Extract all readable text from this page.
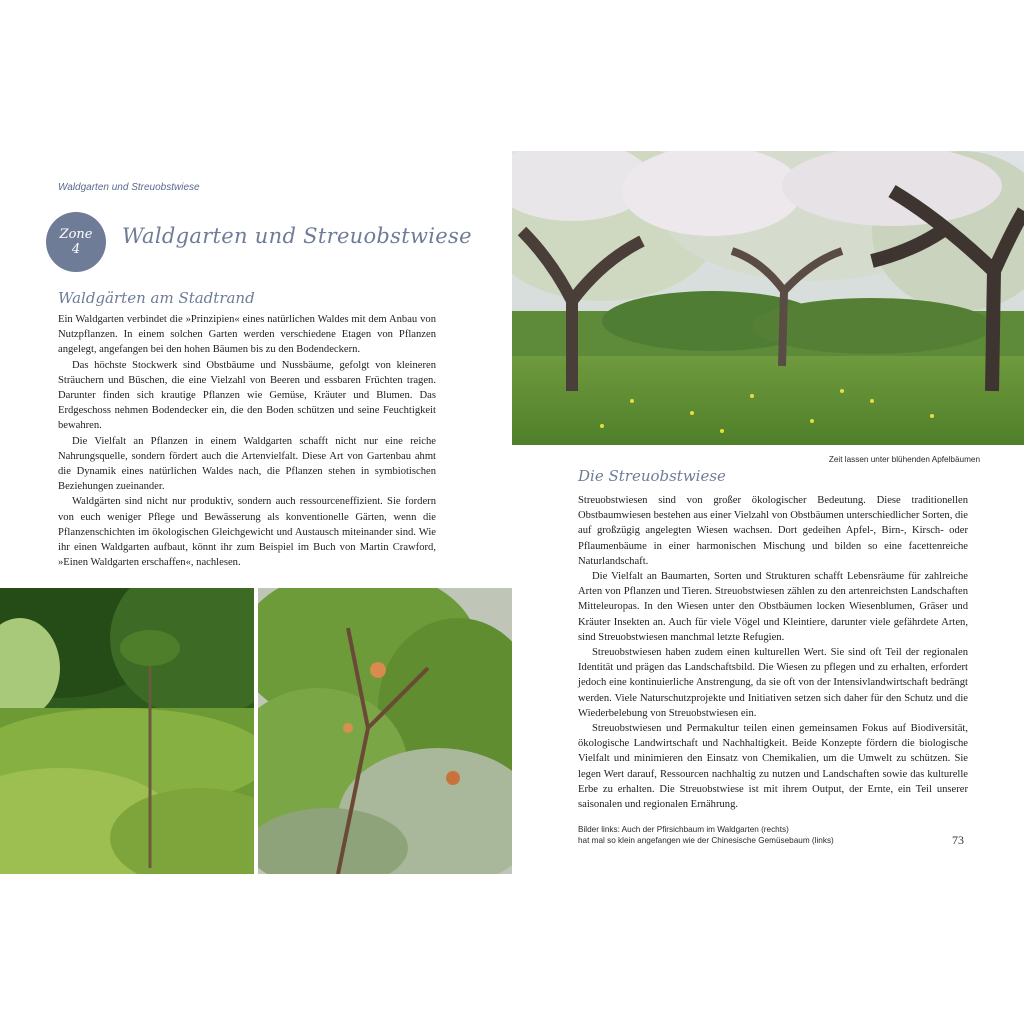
Waldgarten und Streuobstwiese
Zone
4
Waldgarten und Streuobstwiese
Waldgärten am Stadtrand

Ein Waldgarten verbindet die »Prinzipien« eines natürlichen Waldes mit dem Anbau von Nutzpflanzen. In einem solchen Garten werden verschiedene Etagen von Pflanzen angelegt, angefangen bei den hohen Bäumen bis zu den Bodendeckern.

Das höchste Stockwerk sind Obstbäume und Nussbäume, gefolgt von kleineren Sträuchern und Büschen, die eine Vielzahl von Beeren und essbaren Früchten tragen. Darunter finden sich krautige Pflanzen wie Gemüse, Kräuter und Blumen. Das Erdgeschoss nehmen Bodendecker ein, die den Boden schützen und seine Feuchtigkeit bewahren.

Die Vielfalt an Pflanzen in einem Waldgarten schafft nicht nur eine reiche Nahrungsquelle, sondern fördert auch die Artenvielfalt. Diese Art von Gartenbau ahmt die Dynamik eines natürlichen Waldes nach, die Pflanzen stehen in symbiotischen Beziehungen zueinander.

Waldgärten sind nicht nur produktiv, sondern auch ressourceneffizient. Sie fordern von euch weniger Pflege und Bewässerung als konventionelle Gärten, wenn die Pflanzenschichten im ökologischen Gleichgewicht und Austausch miteinander sind. Wie ihr einen Waldgarten aufbaut, könnt ihr zum Beispiel im Buch von Martin Crawford, »Einen Waldgarten erschaffen«, nachlesen.

Zeit lassen unter blühenden Apfelbäumen
Die Streuobstwiese

Streuobstwiesen sind von großer ökologischer Bedeutung. Diese traditionellen Obstbaumwiesen bestehen aus einer Vielzahl von Obstbäumen unterschiedlicher Sorten, die auf großzügig angelegten Wiesen wachsen. Dort gedeihen Apfel-, Birn-, Kirsch- oder Pflaumenbäume in einer harmonischen Mischung und bilden so eine facettenreiche Naturlandschaft.

Die Vielfalt an Baumarten, Sorten und Strukturen schafft Lebensräume für zahlreiche Arten von Pflanzen und Tieren. Streuobstwiesen zählen zu den artenreichsten Landschaften Mitteleuropas. In den Wiesen unter den Obstbäumen locken Wiesenblumen, Gräser und Kräuter Insekten an. Auch für viele Vögel und Kleintiere, darunter viele gefährdete Arten, sind Streuobstwiesen manchmal letzte Refugien.

Streuobstwiesen haben zudem einen kulturellen Wert. Sie sind oft Teil der regionalen Identität und prägen das Landschaftsbild. Die Wiesen zu pflegen und zu erhalten, erfordert jedoch eine kontinuierliche Anstrengung, da sie oft von der Intensivlandwirtschaft bedrängt werden. Viele Naturschutzprojekte und Initiativen setzen sich daher für den Schutz und die Wiederbelebung von Streuobstwiesen ein.

Streuobstwiesen und Permakultur teilen einen gemeinsamen Fokus auf Biodiversität, ökologische Landwirtschaft und Nachhaltigkeit. Beide Konzepte fördern die biologische Vielfalt und minimieren den Einsatz von Chemikalien, um die Umwelt zu schützen. Sie legen Wert darauf, Ressourcen nachhaltig zu nutzen und Landschaften sowie das kulturelle Erbe zu erhalten. Die Streuobstwiese ist mit ihrem Output, der Ernte, ein Teil unserer saisonalen und regionalen Ernährung.

Bilder links: Auch der Pfirsichbaum im Waldgarten (rechts)
hat mal so klein angefangen wie der Chinesische Gemüsebaum (links)	73
